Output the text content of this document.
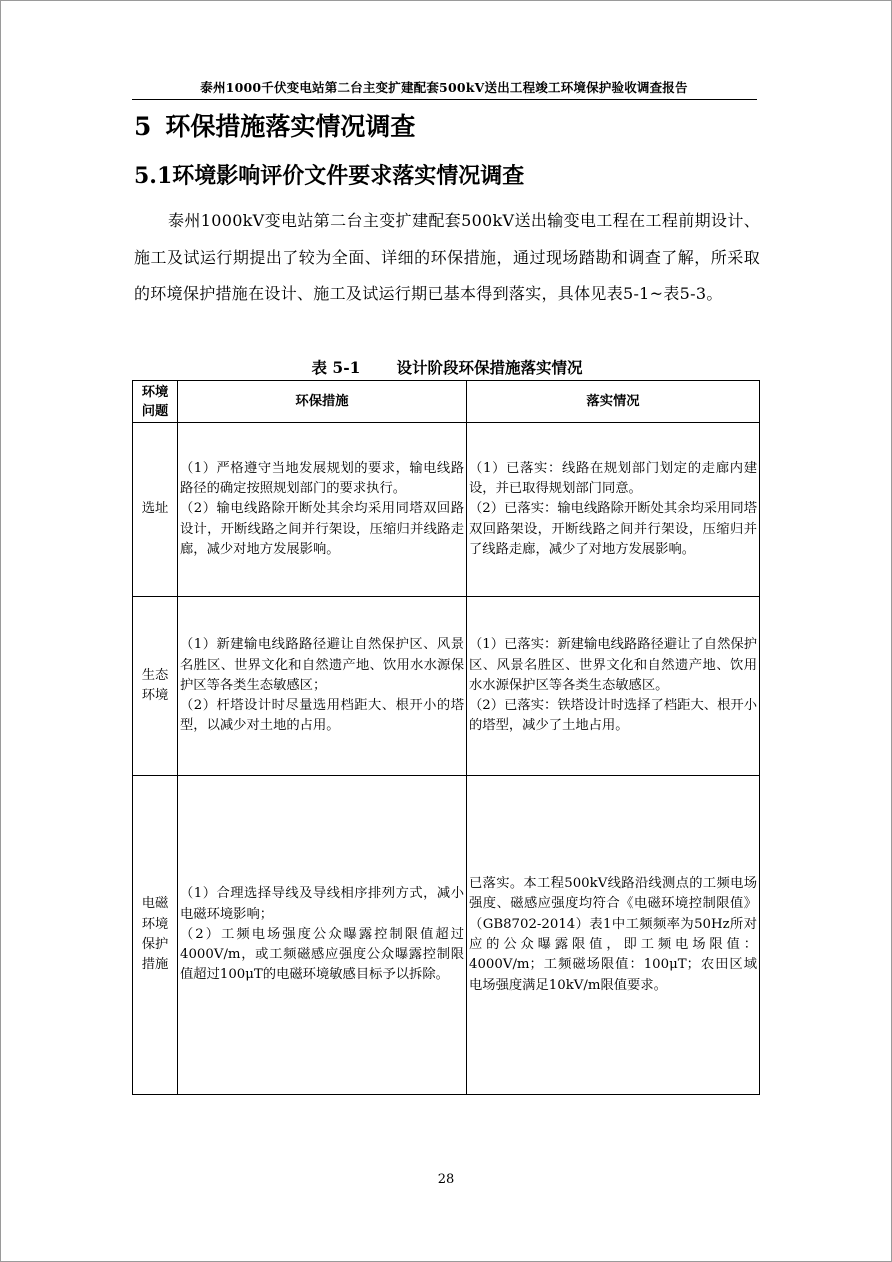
泰州1000千伏变电站第二台主变扩建配套500kV送出工程竣工环境保护验收调查报告
5 环保措施落实情况调查
5.1环境影响评价文件要求落实情况调查

泰州1000kV变电站第二台主变扩建配套500kV送出输变电工程在工程前期设计、施工及试运行期提出了较为全面、详细的环保措施，通过现场踏勘和调查了解，所采取的环境保护措施在设计、施工及试运行期已基本得到落实，具体见表5-1~表5-3。

表 5-1 设计阶段环保措施落实情况

环境
问题	环保措施	落实情况

选址	（1）严格遵守当地发展规划的要求，输电线路路径的确定按照规划部门的要求执行。
（2）输电线路除开断处其余均采用同塔双回路设计，开断线路之间并行架设，压缩归并线路走廊，减少对地方发展影响。	（1）已落实：线路在规划部门划定的走廊内建设，并已取得规划部门同意。
（2）已落实：输电线路除开断处其余均采用同塔双回路架设，开断线路之间并行架设，压缩归并了线路走廊，减少了对地方发展影响。

生态
环境	（1）新建输电线路路径避让自然保护区、风景名胜区、世界文化和自然遗产地、饮用水水源保护区等各类生态敏感区；
（2）杆塔设计时尽量选用档距大、根开小的塔型，以减少对土地的占用。	（1）已落实：新建输电线路路径避让了自然保护区、风景名胜区、世界文化和自然遗产地、饮用水水源保护区等各类生态敏感区。
（2）已落实：铁塔设计时选择了档距大、根开小的塔型，减少了土地占用。

电磁
环境
保护
措施	（1）合理选择导线及导线相序排列方式，减小电磁环境影响；
（2）工频电场强度公众曝露控制限值超过4000V/m，或工频磁感应强度公众曝露控制限值超过100μT的电磁环境敏感目标予以拆除。	已落实。本工程500kV线路沿线测点的工频电场强度、磁感应强度均符合《电磁环境控制限值》（GB8702-2014）表1中工频频率为50Hz所对应的公众曝露限值，即工频电场限值：4000V/m；工频磁场限值：100μT；农田区域电场强度满足10kV/m限值要求。
28
